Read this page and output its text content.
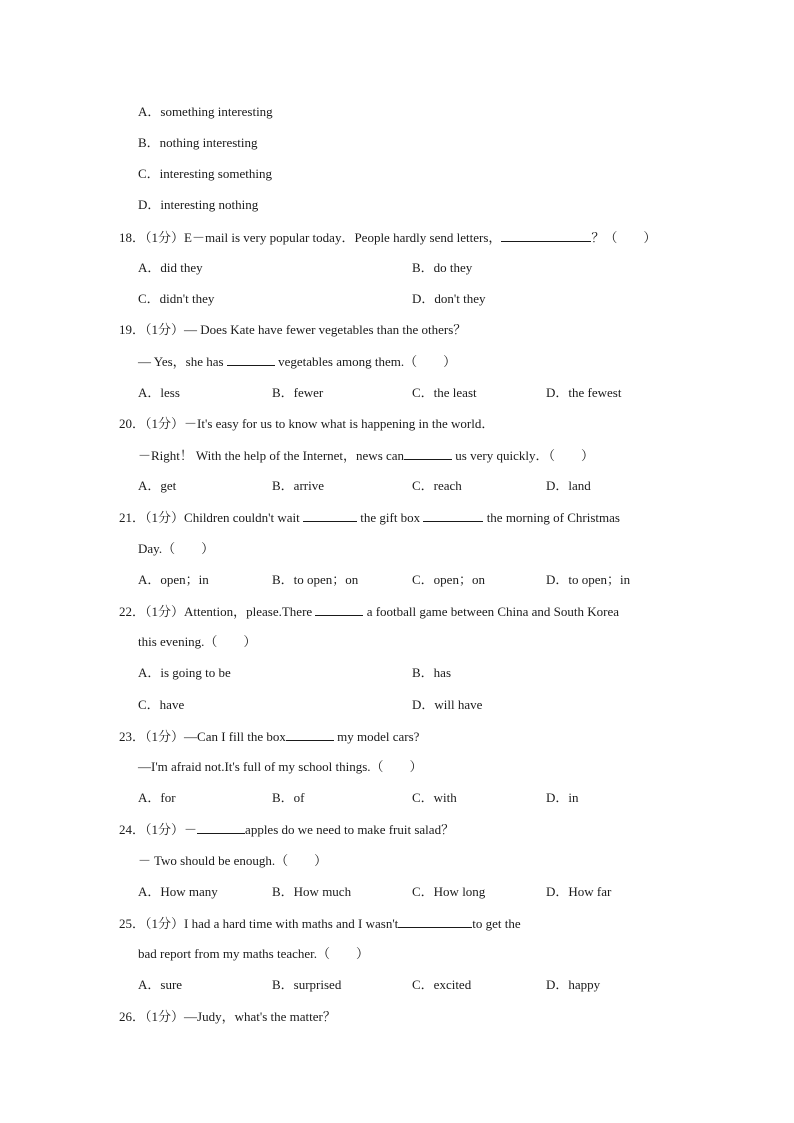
A．something interesting
B．nothing interesting
C．interesting something
D．interesting nothing
18．（1分）E－mail is very popular today．People hardly send letters，	？（　　）
A．did they	B．do they
C．didn't they	D．don't they
19．（1分）— Does Kate have fewer vegetables than the others？
— Yes，she has	vegetables among them.（　　）
A．less	B．fewer	C．the least	D．the fewest
20．（1分）－It's easy for us to know what is happening in the world．
－Right！ With the help of the Internet，news can	us very quickly．（　　）
A．get	B．arrive	C．reach	D．land
21．（1分）Children couldn't wait	the gift box	the morning of Christmas
Day.（　　）
A．open；in	B．to open；on	C．open；on	D．to open；in
22．（1分）Attention，please.There	a football game between China and South Korea
this evening.（　　）
A．is going to be	B．has
C．have	D．will have
23．（1分）—Can I fill the box	my model cars?
—I'm afraid not.It's full of my school things.（　　）
A．for	B．of	C．with	D．in
24．（1分）－	apples do we need to make fruit salad？
－ Two should be enough.（　　）
A．How many	B．How much	C．How long	D．How far
25．（1分）I had a hard time with maths and I wasn't	to get the
bad report from my maths teacher.（　　）
A．sure	B．surprised	C．excited	D．happy
26．（1分）—Judy，what's the matter？
